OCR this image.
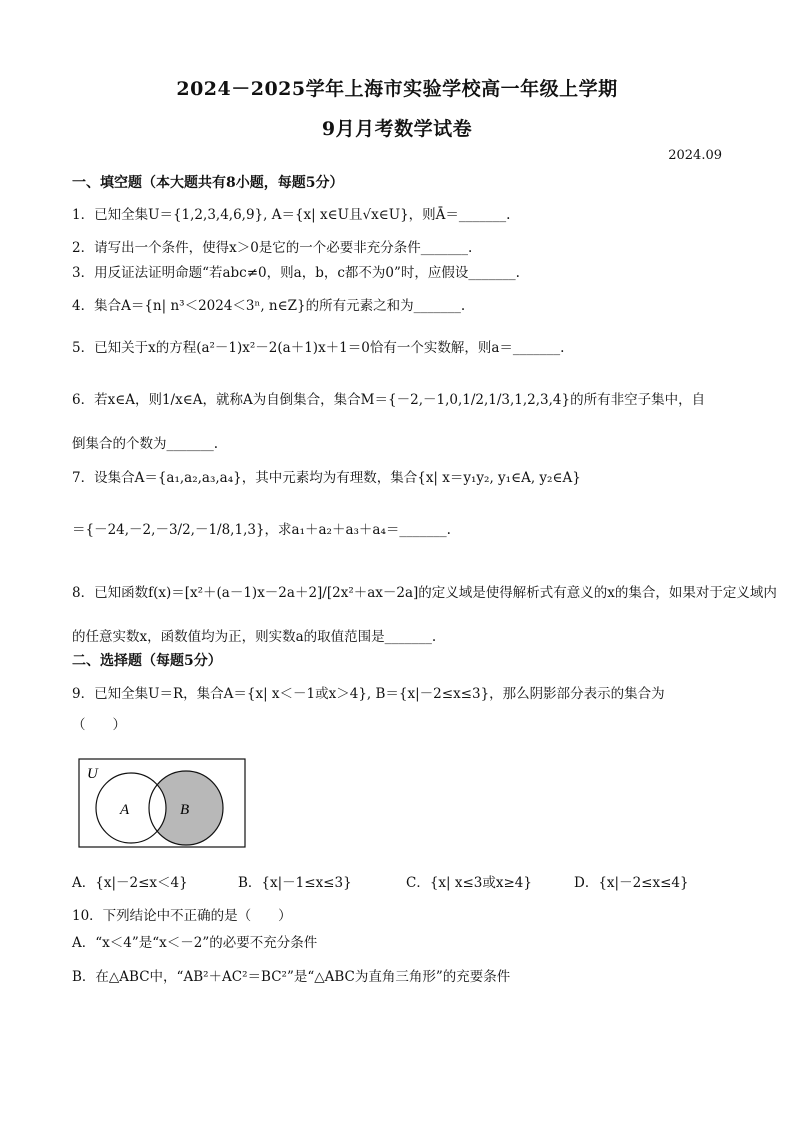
2024－2025学年上海市实验学校高一年级上学期
9月月考数学试卷
2024.09
一、填空题（本大题共有8小题，每题5分）
1．已知全集U＝{1,2,3,4,6,9}, A＝{x| x∈U且√x∈U}，则Ā＝_______.
2．请写出一个条件，使得x＞0是它的一个必要非充分条件_______.
3．用反证法证明命题“若abc≠0，则a，b，c都不为0”时，应假设_______.
4．集合A＝{n| n³＜2024＜3ⁿ, n∈Z}的所有元素之和为_______.
5．已知关于x的方程(a²－1)x²－2(a＋1)x＋1＝0恰有一个实数解，则a＝_______.
6．若x∈A，则1/x∈A，就称A为自倒集合，集合M＝{－2,－1,0,1/2,1/3,1,2,3,4}的所有非空子集中，自
倒集合的个数为_______.
7．设集合A＝{a₁,a₂,a₃,a₄}，其中元素均为有理数，集合{x| x＝y₁y₂, y₁∈A, y₂∈A}
＝{－24,－2,－3/2,－1/8,1,3}，求a₁＋a₂＋a₃＋a₄＝_______.
8．已知函数f(x)＝[x²＋(a－1)x－2a＋2]/[2x²＋ax－2a]的定义域是使得解析式有意义的x的集合，如果对于定义域内
的任意实数x，函数值均为正，则实数a的取值范围是_______.
二、选择题（每题5分）
9．已知全集U＝R，集合A＝{x| x＜－1或x＞4}, B＝{x|－2≤x≤3}，那么阴影部分表示的集合为
（　　）
U
A	B
A．{x|－2≤x＜4}	B．{x|－1≤x≤3}	C．{x| x≤3或x≥4}	D．{x|－2≤x≤4}
10．下列结论中不正确的是（　　）
A．“x＜4”是“x＜－2”的必要不充分条件
B．在△ABC中，“AB²＋AC²＝BC²”是“△ABC为直角三角形”的充要条件
